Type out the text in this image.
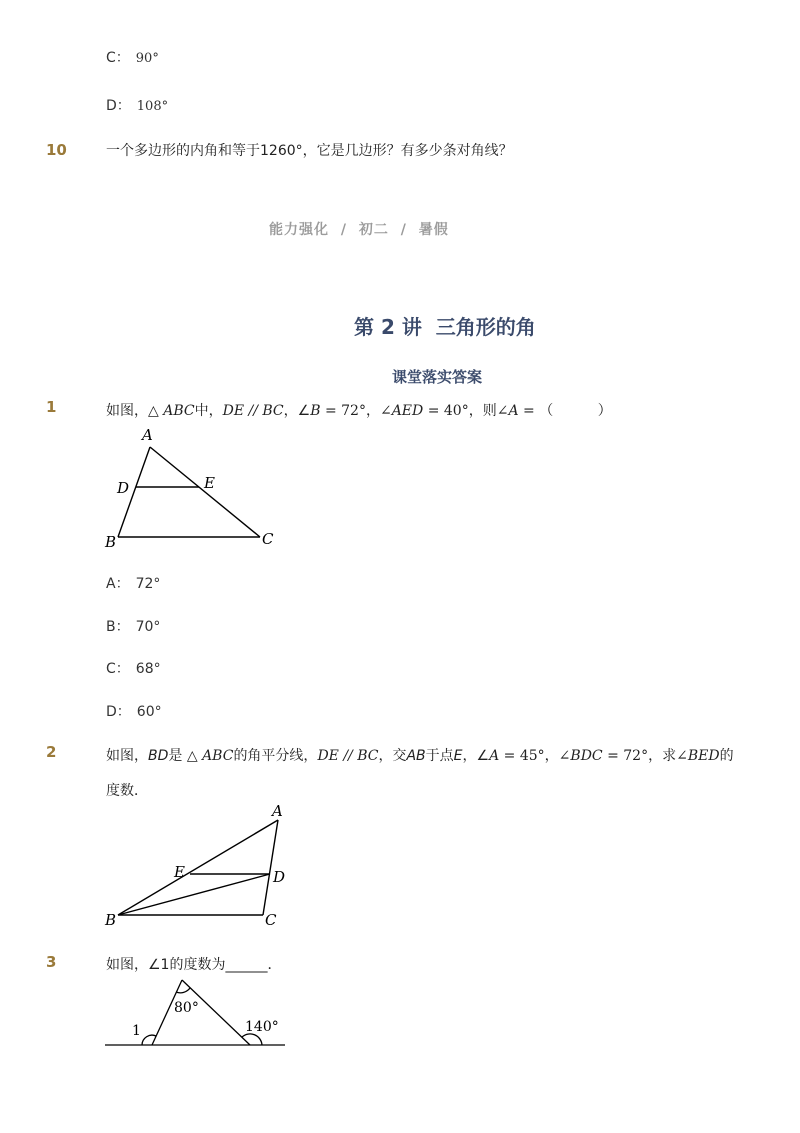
C： 90°
D： 108°
10	一个多边形的内角和等于1260°，它是几边形？有多少条对角线？
能力强化 / 初二 / 暑假
第 2 讲  三角形的角
课堂落实答案
1	如图，△ ABC中，DE // BC，∠B = 72°，∠AED = 40°，则∠A = （          ）
A
D	E
B	C
A： 72°
B： 70°
C： 68°
D： 60°
2	如图，BD是 △ ABC的角平分线，DE // BC，交AB于点E，∠A = 45°，∠BDC = 72°，求∠BED的
度数．
A
E	D
B	C
3	如图，∠1的度数为______．
1
80°
140°
